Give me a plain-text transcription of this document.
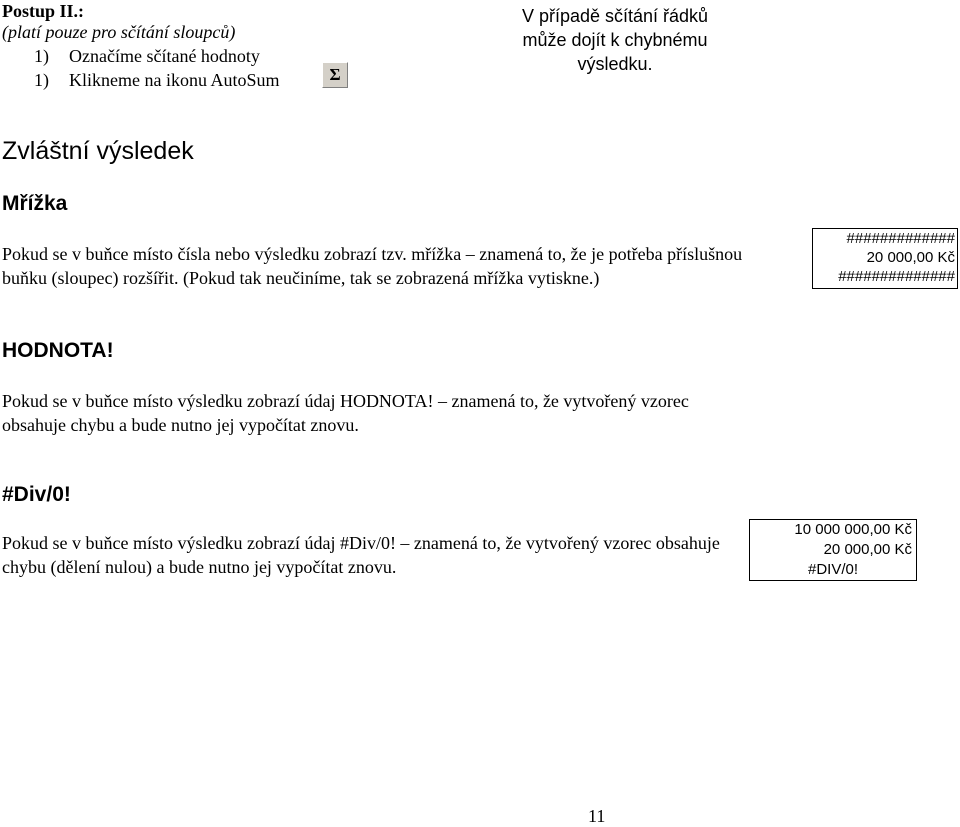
Postup II.:
(platí pouze pro sčítání sloupců)
1) Označíme sčítané hodnoty
1) Klikneme na ikonu AutoSum	Σ
V případě sčítání řádků může dojít k chybnému výsledku.
Zvláštní výsledek
Mřížka
Pokud se v buňce místo čísla nebo výsledku zobrazí tzv. mřížka – znamená to, že je potřeba příslušnou buňku (sloupec) rozšířit. (Pokud tak neučiníme, tak se zobrazená mřížka vytiskne.)
#############
20 000,00 Kč
##############
HODNOTA!
Pokud se v buňce místo výsledku zobrazí údaj HODNOTA! – znamená to, že vytvořený vzorec obsahuje chybu a bude nutno jej vypočítat znovu.
#Div/0!
Pokud se v buňce místo výsledku zobrazí údaj #Div/0! – znamená to, že vytvořený vzorec obsahuje chybu (dělení nulou) a bude nutno jej vypočítat znovu.
10 000 000,00 Kč
20 000,00 Kč
#DIV/0!
11
